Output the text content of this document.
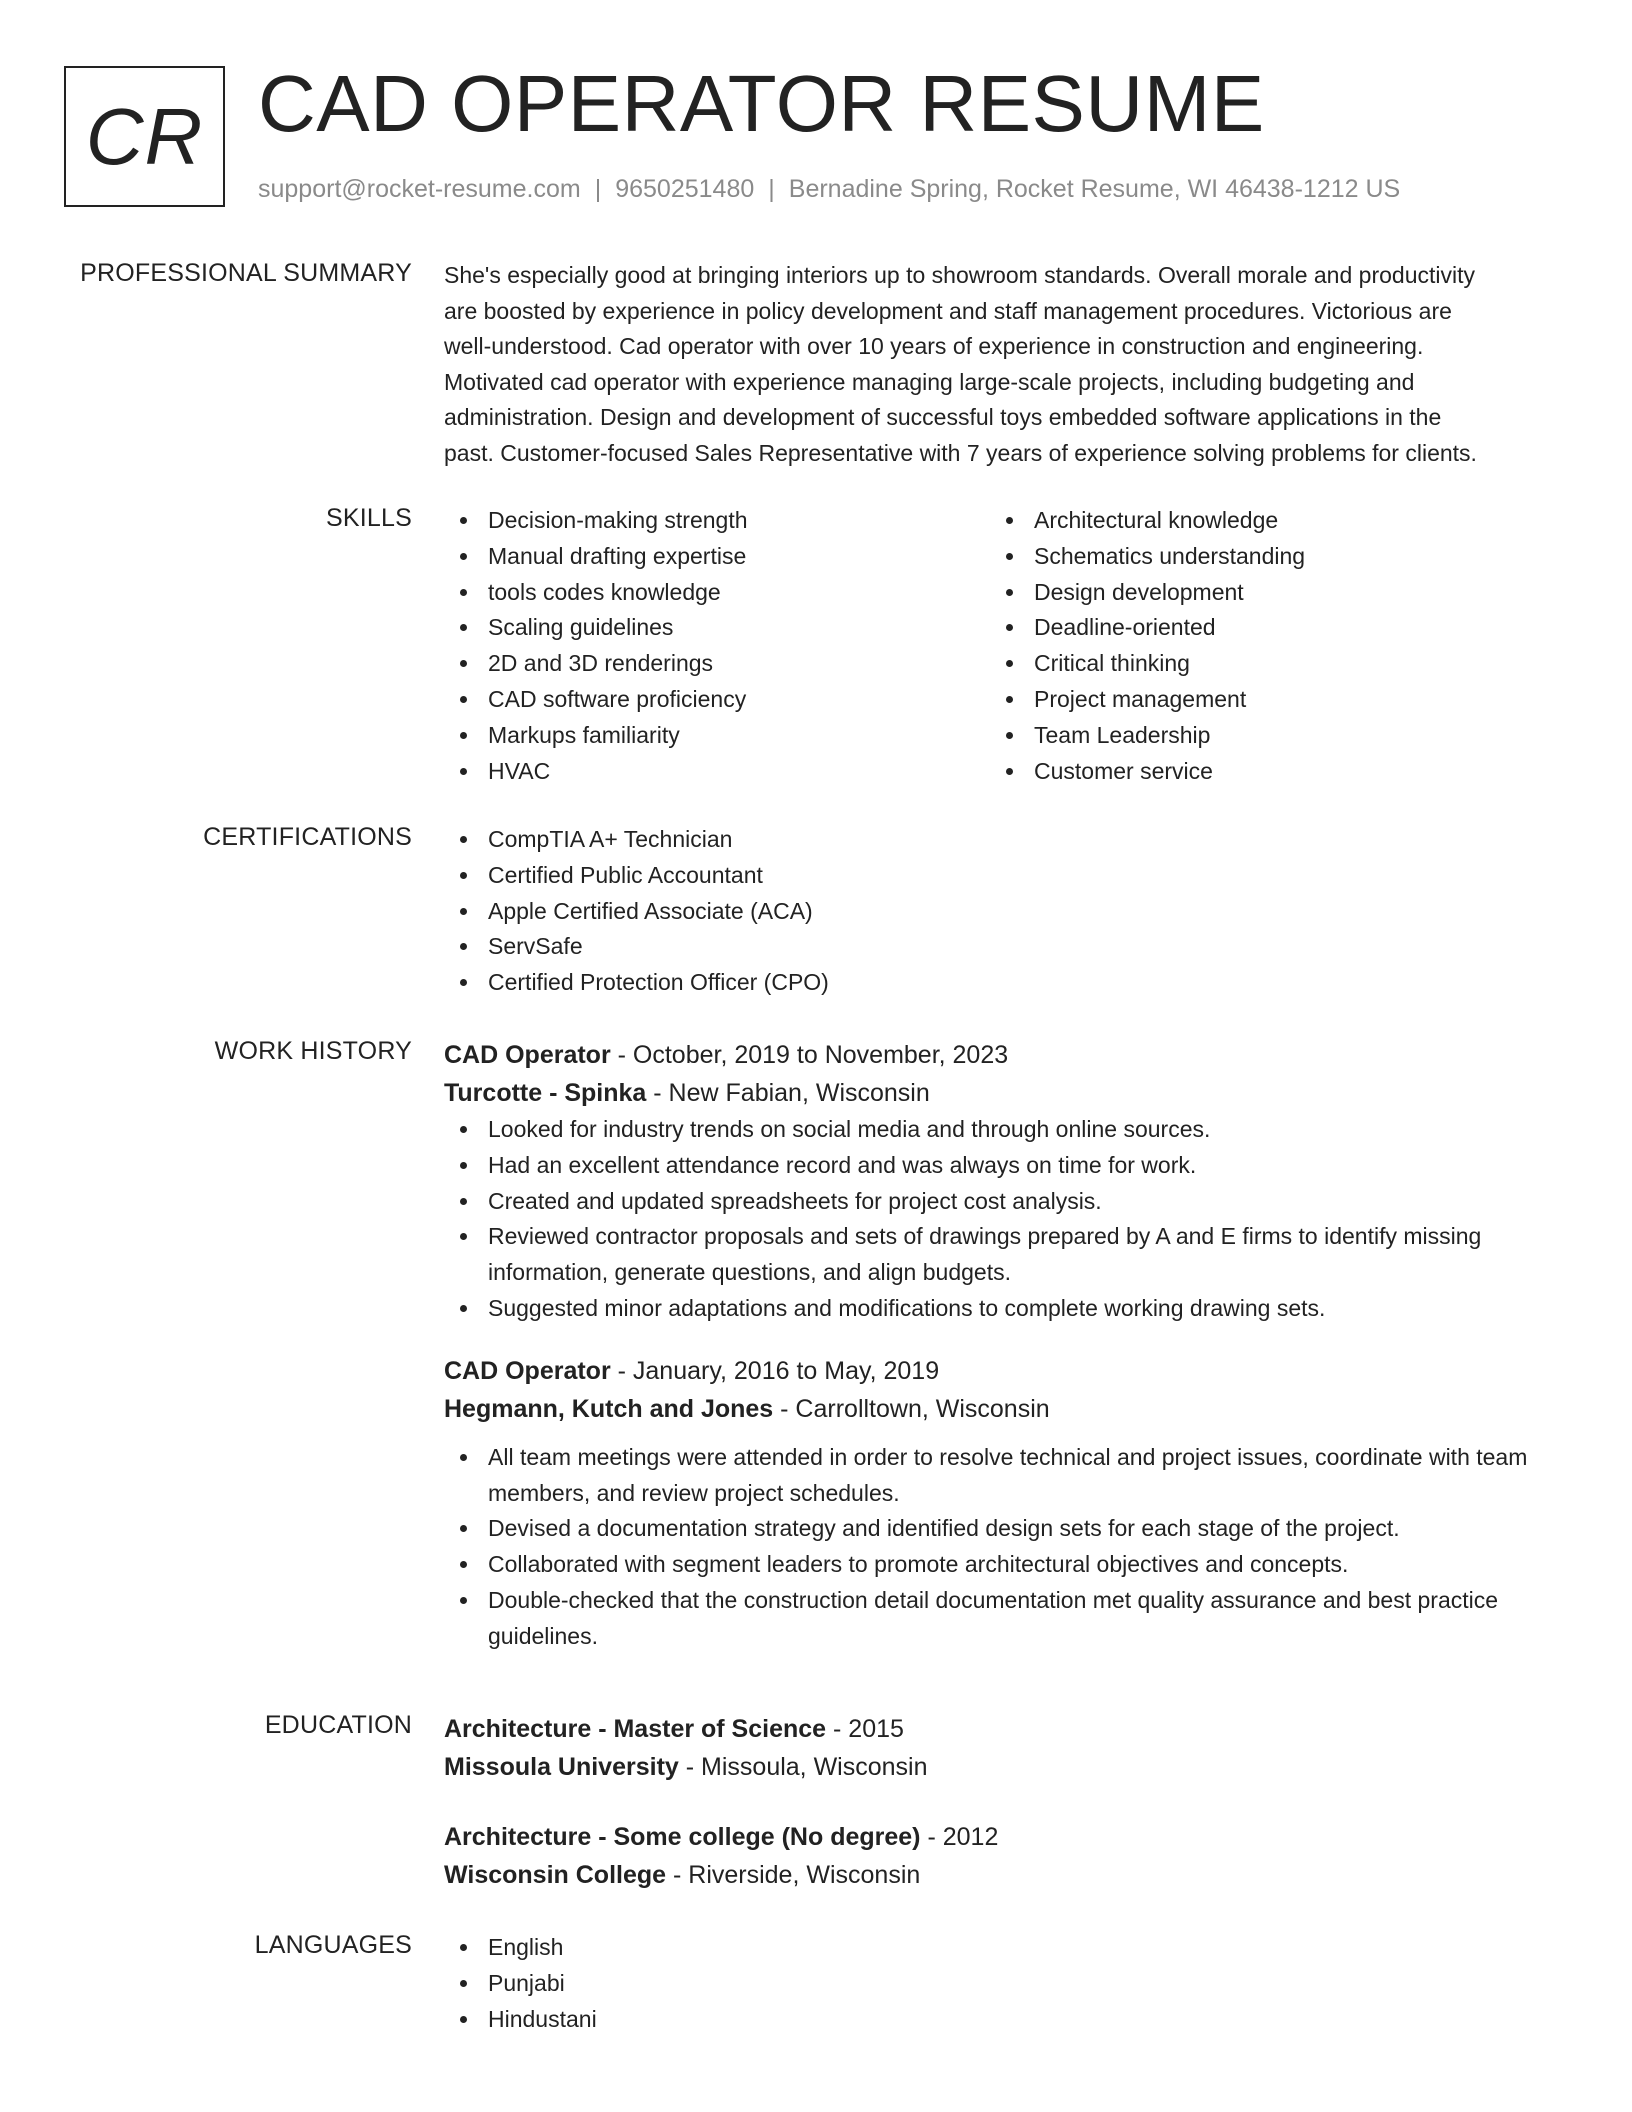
CR CAD OPERATOR RESUME
support@rocket-resume.com | 9650251480 | Bernadine Spring, Rocket Resume, WI 46438-1212 US
PROFESSIONAL SUMMARY She's especially good at bringing interiors up to showroom standards. Overall morale and productivity
are boosted by experience in policy development and staff management procedures. Victorious are
well-understood. Cad operator with over 10 years of experience in construction and engineering.
Motivated cad operator with experience managing large-scale projects, including budgeting and
administration. Design and development of successful toys embedded software applications in the
past. Customer-focused Sales Representative with 7 years of experience solving problems for clients.
SKILLS	Decision-making strength
Manual drafting expertise
tools codes knowledge
Scaling guidelines
2D and 3D renderings
CAD software proficiency
Markups familiarity
HVAC
Architectural knowledge
Schematics understanding
Design development
Deadline-oriented
Critical thinking
Project management
Team Leadership
Customer service
CERTIFICATIONS	CompTIA A+ Technician
Certified Public Accountant
Apple Certified Associate (ACA)
ServSafe
Certified Protection Officer (CPO)
WORK HISTORY CAD Operator - October, 2019 to November, 2023
Turcotte - Spinka - New Fabian, Wisconsin
Looked for industry trends on social media and through online sources.
Had an excellent attendance record and was always on time for work.
Created and updated spreadsheets for project cost analysis.
Reviewed contractor proposals and sets of drawings prepared by A and E firms to identify missing information, generate questions, and align budgets.
Suggested minor adaptations and modifications to complete working drawing sets.
CAD Operator - January, 2016 to May, 2019
Hegmann, Kutch and Jones - Carrolltown, Wisconsin
All team meetings were attended in order to resolve technical and project issues, coordinate with team members, and review project schedules.
Devised a documentation strategy and identified design sets for each stage of the project.
Collaborated with segment leaders to promote architectural objectives and concepts.
Double-checked that the construction detail documentation met quality assurance and best practice guidelines.
EDUCATION Architecture - Master of Science - 2015
Missoula University - Missoula, Wisconsin
Architecture - Some college (No degree) - 2012
Wisconsin College - Riverside, Wisconsin
LANGUAGES	English
Punjabi
Hindustani
